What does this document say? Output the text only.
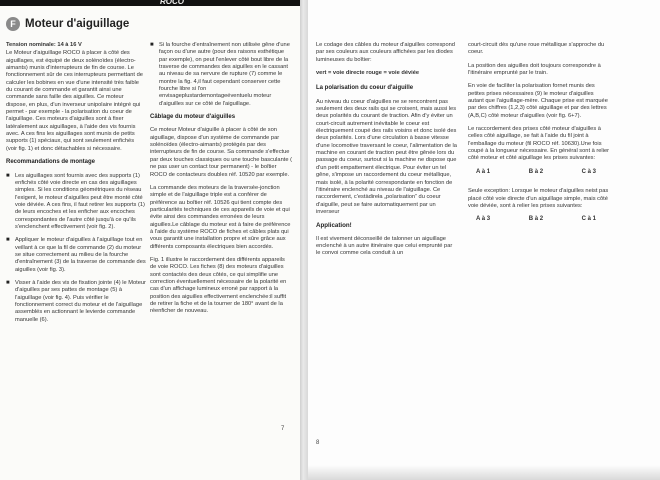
ROCO
F Moteur d'aiguillage

Tension nominale: 14 à 16 V

Le Moteur d'aiguillage ROCO à placer à côté des aiguillages, est équipé de deux solénoïdes (électro-aimants) munis d'interrupteurs de fin de course. Le fonctionnement sûr de ces interrupteurs permettant de calculer les bobines en vue d'une intensité très faible du courant de commande et garantit ainsi une commande sans faille des aiguilles. Ce moteur dispose, en plus, d'un inverseur unipolaire intégré qui permet - par exemple - la polarisation du coeur de l'aiguillage. Ces moteurs d'aiguilles sont à fixer latéralement aux aiguillages, à l'aide des vis fournis avec. A ces fins les aiguillages sont munis de petits supports (1) spéciaux, qui sont seulement enfichés (voir fig. 1) et donc détachables si nécessaire.

Recommandations de montage

■ Les aiguillages sont fournis avec des supports (1) enfichés côté voie directe en cas des aiguillages simples. Si les conditions géométriques du réseau l'exigent, le moteur d'aiguilles peut être monté côté voie déviée. A ces fins, il faut retirer les supports (1) de leurs encoches et les enficher aux encoches correspondantes de l'autre côté jusqu'à ce qu'ils s'enclenchent effectivement (voir fig. 2).
■ Appliquer le moteur d'aiguilles à l'aiguillage tout en veillant à ce que la fil de commande (2) du moteur se situe correctement au milieu de la fourche d'entraînement (3) de la traverse de commande des aiguilles (voir fig. 3).
■ Visser à l'aide des vis de fixation jointe (4) le Moteur d'aiguilles par ses pattes de montage (5) à l'aiguillage (voir fig. 4). Puis vérifier le fonctionnement correct du moteur et de l'aiguillage assemblés en actionnant le levierde commande manuelle (6).
■ Si la fourche d'entraînement non utilisée gêne d'une façon ou d'une autre (pour des raisons esthétique par exemple), on peut l'enlever côté bout libre de la traverse de commandes des aiguilles en le cassant au niveau de sa nervure de rupture (7) comme le montre la fig. 4,il faut cependant conserver cette fourche libre si l'on envisageplustardemontageéventuelu moteur d'aiguilles sur ce côté de l'aiguillage.

Câblage du moteur d'aiguilles

Ce moteur Moteur d'aiguille à placer à côté de son aiguillage, dispose d'un système de commande par solénoïdes (électro-aimants) protégés par des interrupteurs de fin de course. Sa commande s'effectue par deux touches classiques ou une touche basculante ( ne pas user un contact tour permanent) - le boîtier ROCO de contacteurs doubles réf. 10520 par exemple.

La commande des moteurs de la traversée-jonction simple et de l'aiguillage triple est a conférer de préférence au boîtier réf. 10526 qui tient compte des particularités techniques de ces appareils de voie et qui évite ainsi des commandes erronées de leurs aiguilles.Le câblage du moteur est à faire de préférence à l'aide du système ROCO de fiches et câbles plats qui vous garantit une installation propre et sûre grâce aux différents composants électriques bien accordés.

Fig. 1 illustre le raccordement des différents appareils de voie ROCO. Les fiches (8) des moteurs d'aiguilles sont contactés des deux côtés, ce qui simplifie une correction éventuellement nécessaire de la polarité en cas d'un affichage lumineux erroné par rapport à la position des aiguilles effectivement enclenchée:il suffit de retirer la fiche et de la tourner de 180° avant de la réenficher de nouveau.

7

Le codage des câbles du moteur d'aiguilles correspond par ses couleurs aux couleurs affichées par les diodes lumineuses du boîtier:

vert = voie directe rouge = voie déviée

La polarisation du coeur d'aiguille

Au niveau du coeur d'aiguilles ne se rencontrent pas seulement des deux rails qui se croisent, mais aussi les deux polarités du courant de traction. Afin d'y éviter un court-circuit autrement inévitable le coeur est électriquement coupé des rails voisins et donc isolé des deux polarités. Lors d'une circulation à basse vitesse d'une locomotive traversant le coeur, l'alimentation de la machine en courant de traction peut être gênée lors du passage du coeur, surtout si la machine ne dispose que d'un petit empattement électrique. Pour éviter un tel gêne, s'impose un raccordement du coeur métallique, mais isolé, à la polarité correspondante en fonction de l'itinéraire enclenché au niveau de l'aiguillage. Ce raccordement, c'estàdireła „polarisation“ du coeur d'aiguille, peut se faire automatiquement par un inverseur

Application!

Il est vivement déconseillé de talonner un aiguillage enclenché à un autre itinéraire que celui emprunté par le convoi comme cela conduit à un

court-circuit dès qu'une roue métallique s'approche du coeur.

La position des aiguilles doit toujours correspondre à l'itinéraire emprunté par le train.

En voie de faciliter la polarisation fornet munis des petites prises nécessaires (9) le moteur d'aiguilles autant que l'aiguillage-mère. Chaque prise est marquée par des chiffres (1,2,3) côté aiguillage et par des lettres (A,B,C) côté moteur d'aiguilles (voir fig. 6+7).

Le raccordement des prises côté moteur d'aiguilles à celles côté aiguillage, se fait à l'aide du fil joint à l'emballage du moteur (fil ROCO réf. 10630).Une fois coupé à la longueur nécessaire. En général sont à relier côté moteur et côté aiguillage les prises suivantes:

A à 1	B à 2	C à 3

Seule exception: Lorsque le moteur d'aiguilles neist pas placé côté voie directe d'un aiguillage simple, mais côté voie déviée, sont à relier les prises suivantes:

A à 3	B à 2	C à 1
8
